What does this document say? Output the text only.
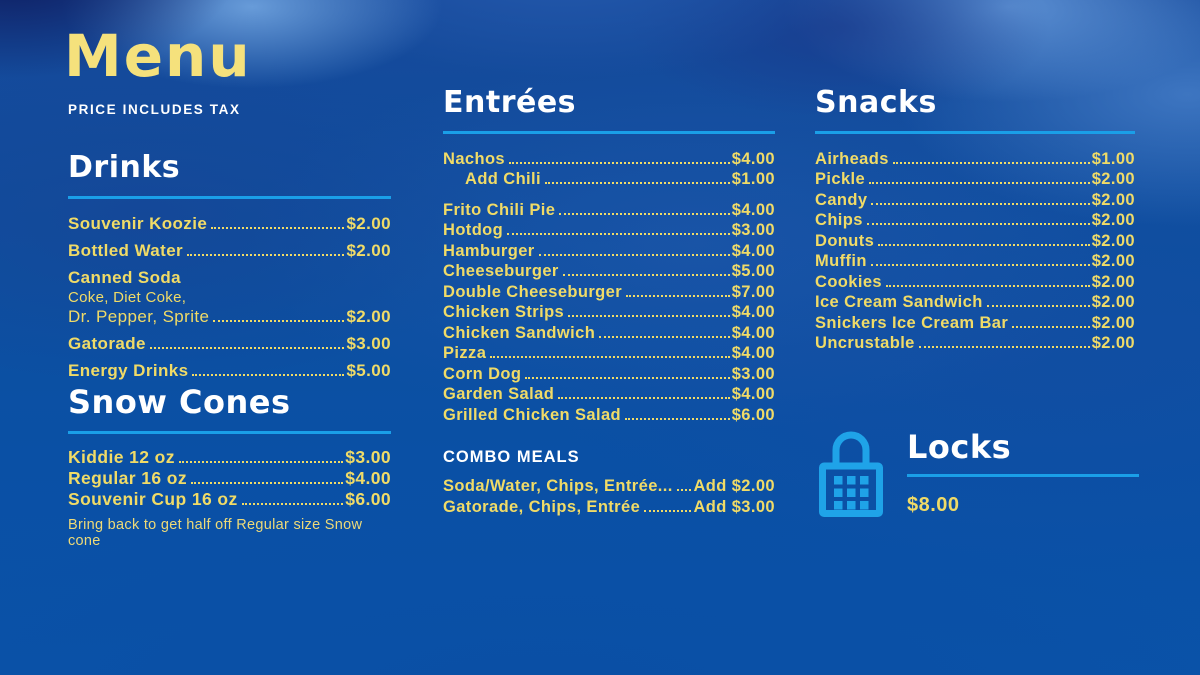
Menu
PRICE INCLUDES TAX
Drinks
Souvenir Koozie	$2.00
Bottled Water	$2.00
Canned Soda
Coke, Diet Coke,
Dr. Pepper, Sprite	$2.00
Gatorade	$3.00
Energy Drinks	$5.00
Snow Cones
Kiddie 12 oz	$3.00
Regular 16 oz	$4.00
Souvenir Cup 16 oz	$6.00
Bring back to get half off Regular size Snow cone
Entrées
Nachos	$4.00
Add Chili	$1.00
Frito Chili Pie	$4.00
Hotdog	$3.00
Hamburger	$4.00
Cheeseburger	$5.00
Double Cheeseburger	$7.00
Chicken Strips	$4.00
Chicken Sandwich	$4.00
Pizza	$4.00
Corn Dog	$3.00
Garden Salad	$4.00
Grilled Chicken Salad	$6.00
COMBO MEALS
Soda/Water, Chips, Entrée... Add $2.00
Gatorade, Chips, Entrée	Add $3.00
Snacks
Airheads	$1.00
Pickle	$2.00
Candy	$2.00
Chips	$2.00
Donuts	$2.00
Muffin	$2.00
Cookies	$2.00
Ice Cream Sandwich	$2.00
Snickers Ice Cream Bar	$2.00
Uncrustable	$2.00
Locks
$8.00
